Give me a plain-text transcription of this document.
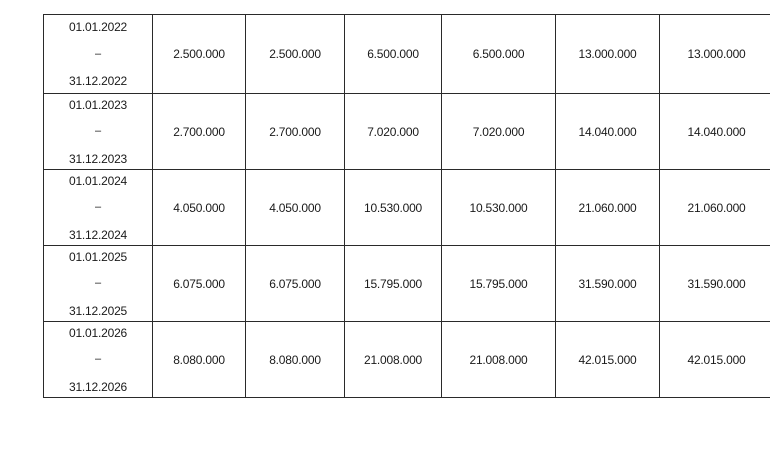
01.01.2022
–
31.12.2022	2.500.000	2.500.000	6.500.000	6.500.000	13.000.000	13.000.000

01.01.2023
–
31.12.2023	2.700.000	2.700.000	7.020.000	7.020.000	14.040.000	14.040.000

01.01.2024
–
31.12.2024	4.050.000	4.050.000	10.530.000	10.530.000	21.060.000	21.060.000

01.01.2025
–
31.12.2025	6.075.000	6.075.000	15.795.000	15.795.000	31.590.000	31.590.000

01.01.2026
–
31.12.2026	8.080.000	8.080.000	21.008.000	21.008.000	42.015.000	42.015.000
